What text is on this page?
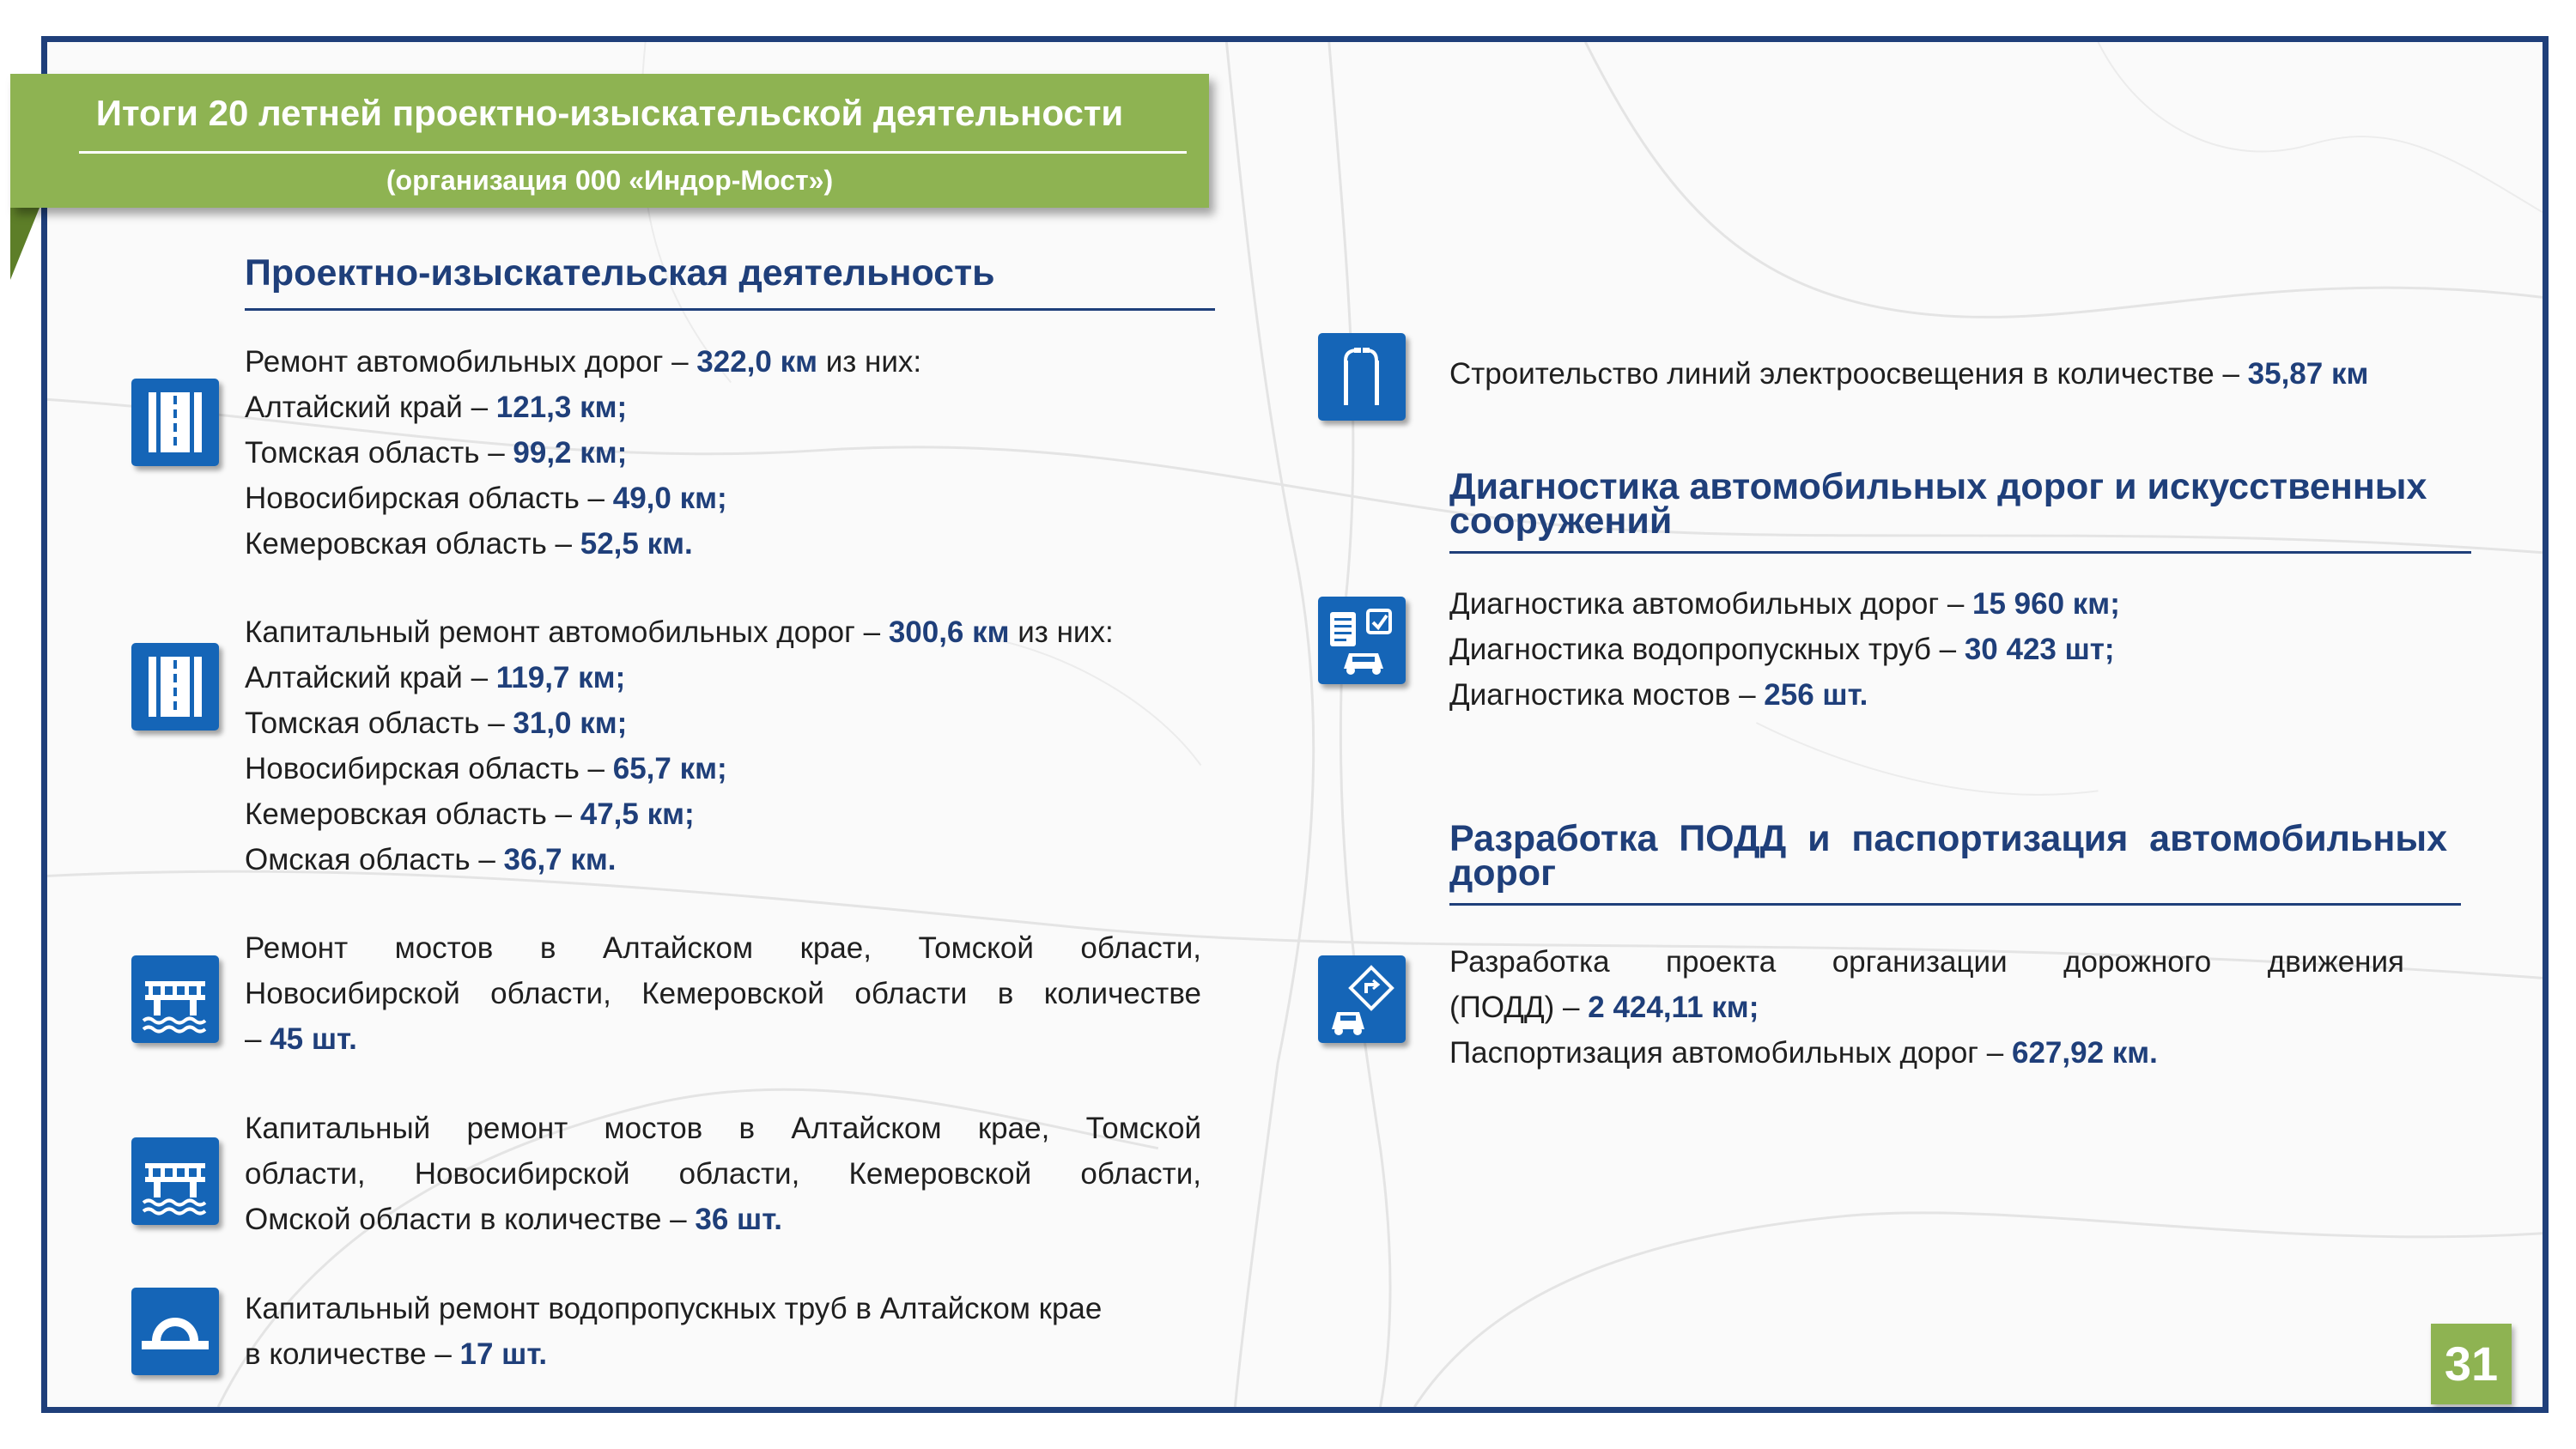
Итоги 20 летней проектно-изыскательской деятельности
(организация 000 «Индор-Мост»)
Проектно-изыскательская деятельность
Ремонт автомобильных дорог – 322,0 км из них:
Алтайский край – 121,3 км;
Томская область – 99,2 км;
Новосибирская область – 49,0 км;
Кемеровская область – 52,5 км.
Капитальный ремонт автомобильных дорог – 300,6 км из них:
Алтайский край – 119,7 км;
Томская область – 31,0 км;
Новосибирская область – 65,7 км;
Кемеровская область – 47,5 км;
Омская область – 36,7 км.
Ремонт мостов в Алтайском крае, Томской области,
Новосибирской области, Кемеровской области в количестве
– 45 шт.
Капитальный ремонт мостов в Алтайском крае, Томской
области, Новосибирской области, Кемеровской области,
Омской области в количестве – 36 шт.
Капитальный ремонт водопропускных труб в Алтайском крае
в количестве – 17 шт.
Строительство линий электроосвещения в количестве – 35,87 км
Диагностика автомобильных дорог и искусственных
сооружений
Диагностика автомобильных дорог – 15 960 км;
Диагностика водопропускных труб – 30 423 шт;
Диагностика мостов – 256 шт.
Разработка ПОДД и паспортизация автомобильных
дорог
Разработка проекта организации дорожного движения
(ПОДД) – 2 424,11 км;
Паспортизация автомобильных дорог – 627,92 км.
31
